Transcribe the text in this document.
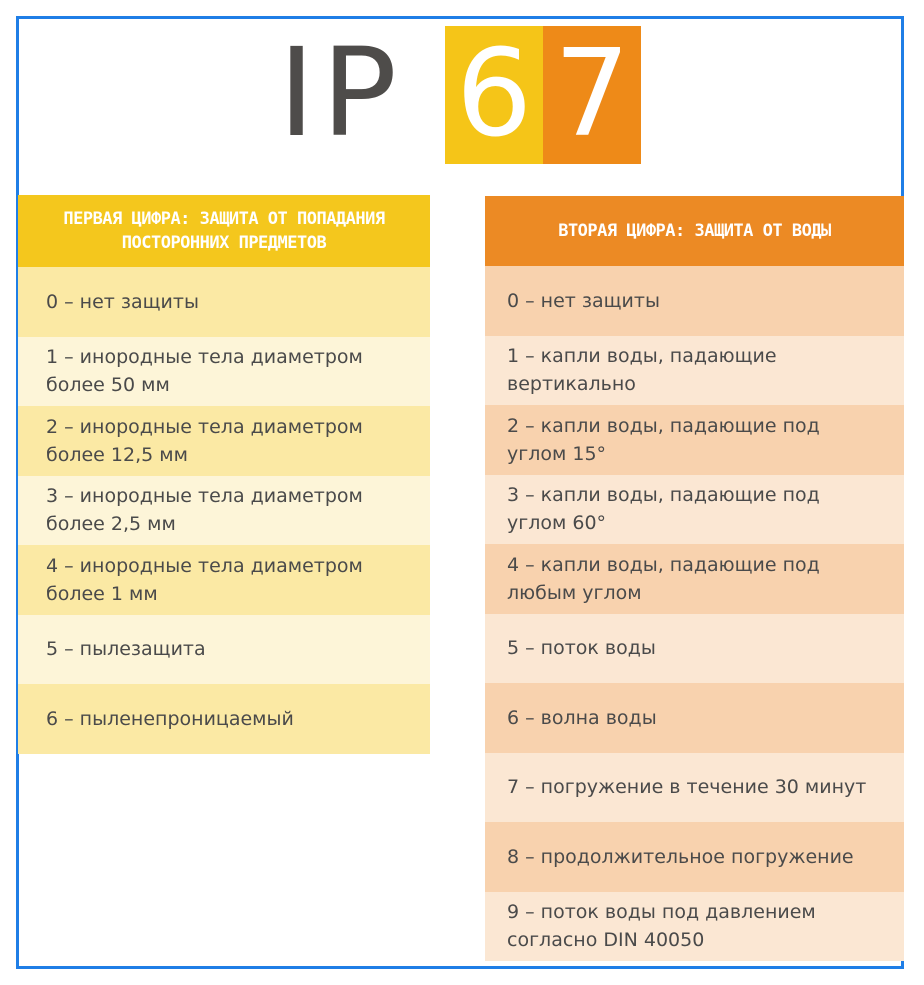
IP 6 7
ПЕРВАЯ ЦИФРА: ЗАЩИТА ОТ ПОПАДАНИЯ
ПОСТОРОННИХ ПРЕДМЕТОВ
0 – нет защиты
1 – инородные тела диаметром
более 50 мм
2 – инородные тела диаметром
более 12,5 мм
3 – инородные тела диаметром
более 2,5 мм
4 – инородные тела диаметром
более 1 мм
5 – пылезащита
6 – пыленепроницаемый
ВТОРАЯ ЦИФРА: ЗАЩИТА ОТ ВОДЫ
0 – нет защиты
1 – капли воды, падающие
вертикально
2 – капли воды, падающие под
углом 15°
3 – капли воды, падающие под
углом 60°
4 – капли воды, падающие под
любым углом
5 – поток воды
6 – волна воды
7 – погружение в течение 30 минут
8 – продолжительное погружение
9 – поток воды под давлением
согласно DIN 40050
